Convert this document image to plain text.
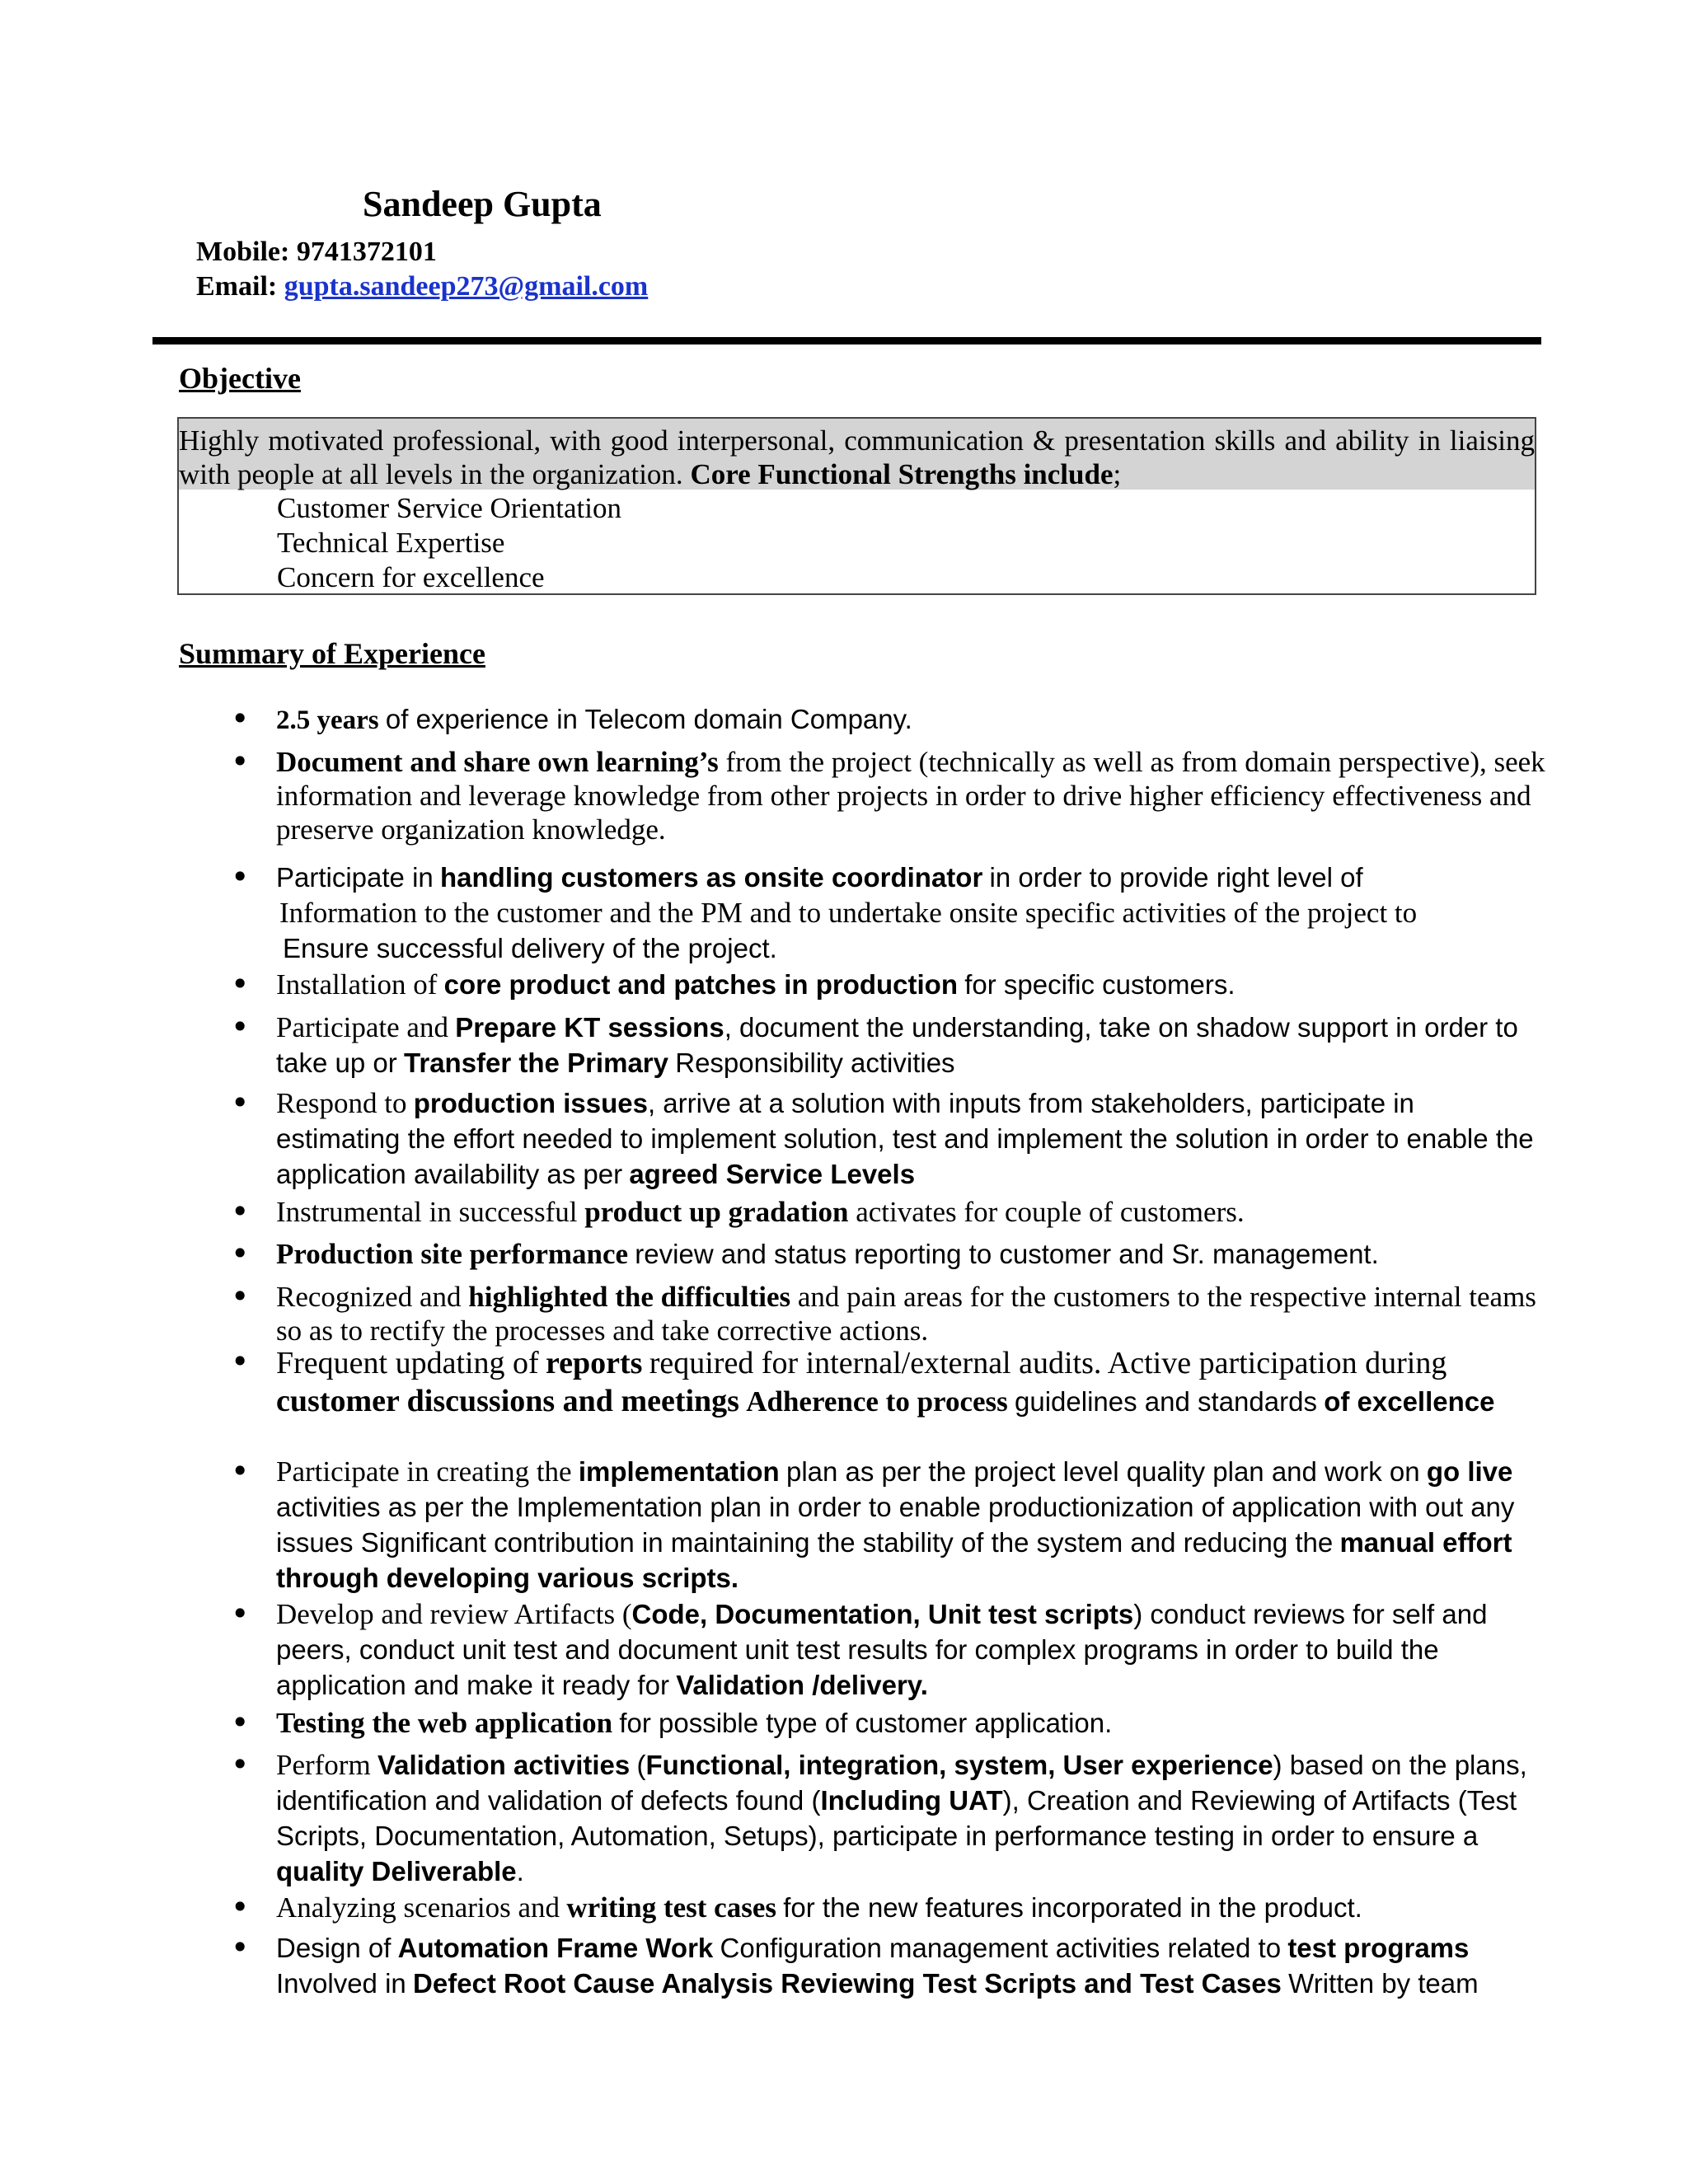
Sandeep Gupta
Mobile: 9741372101
Email: gupta.sandeep273@gmail.com
Objective
Highly motivated professional, with good interpersonal, communication & presentation skills and ability in liaising with people at all levels in the organization. Core Functional Strengths include;
Customer Service Orientation
Technical Expertise
Concern for excellence
Summary of Experience
• 2.5 years of experience in Telecom domain Company.
• Document and share own learning’s from the project (technically as well as from domain perspective), seek information and leverage knowledge from other projects in order to drive higher efficiency effectiveness and preserve organization knowledge.
• Participate in handling customers as onsite coordinator in order to provide right level of
Information to the customer and the PM and to undertake onsite specific activities of the project to
Ensure successful delivery of the project.
• Installation of core product and patches in production for specific customers.
• Participate and Prepare KT sessions, document the understanding, take on shadow support in order to take up or Transfer the Primary Responsibility activities
• Respond to production issues, arrive at a solution with inputs from stakeholders, participate in estimating the effort needed to implement solution, test and implement the solution in order to enable the application availability as per agreed Service Levels
• Instrumental in successful product up gradation activates for couple of customers.
• Production site performance review and status reporting to customer and Sr. management.
• Recognized and highlighted the difficulties and pain areas for the customers to the respective internal teams so as to rectify the processes and take corrective actions.
• Frequent updating of reports required for internal/external audits. Active participation during customer discussions and meetings Adherence to process guidelines and standards of excellence
• Participate in creating the implementation plan as per the project level quality plan and work on go live activities as per the Implementation plan in order to enable productionization of application with out any issues Significant contribution in maintaining the stability of the system and reducing the manual effort through developing various scripts.
• Develop and review Artifacts (Code, Documentation, Unit test scripts) conduct reviews for self and peers, conduct unit test and document unit test results for complex programs in order to build the application and make it ready for Validation /delivery.
• Testing the web application for possible type of customer application.
• Perform Validation activities (Functional, integration, system, User experience) based on the plans, identification and validation of defects found (Including UAT), Creation and Reviewing of Artifacts (Test Scripts, Documentation, Automation, Setups), participate in performance testing in order to ensure a quality Deliverable.
• Analyzing scenarios and writing test cases for the new features incorporated in the product.
• Design of Automation Frame Work Configuration management activities related to test programs Involved in Defect Root Cause Analysis Reviewing Test Scripts and Test Cases Written by team
